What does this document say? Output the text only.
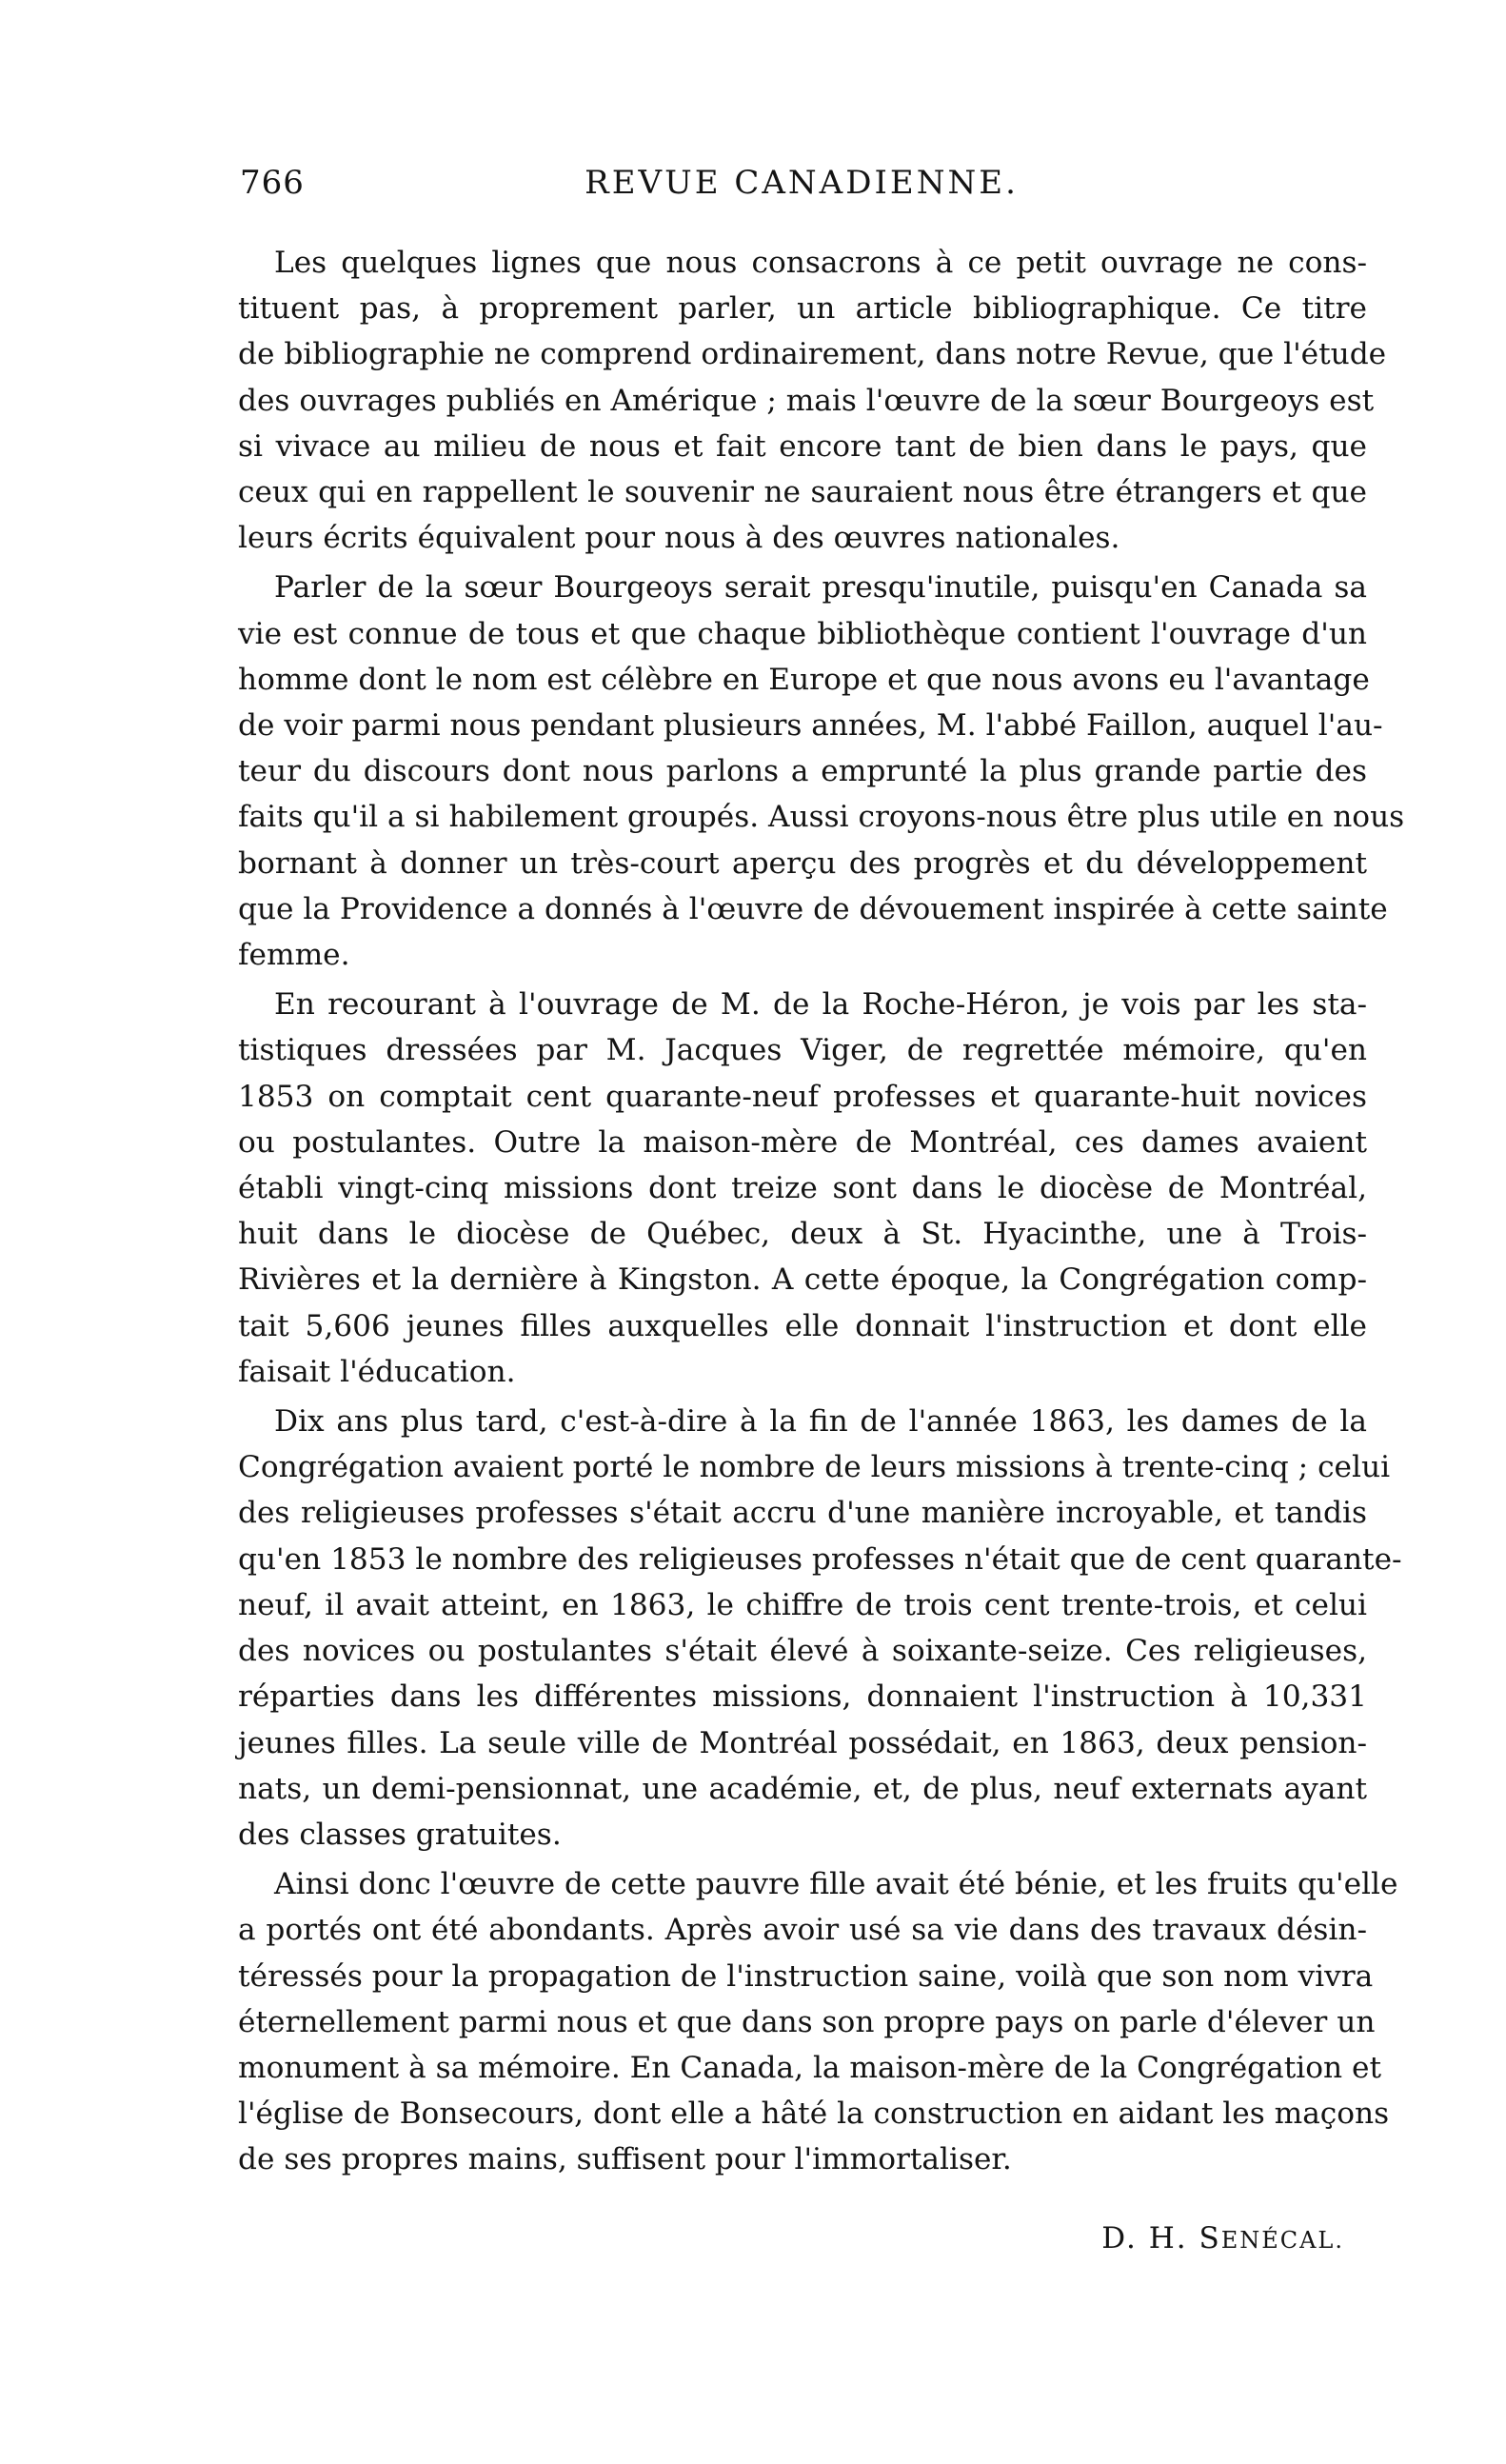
766	REVUE CANADIENNE.

Les quelques lignes que nous consacrons à ce petit ouvrage ne cons-
tituent pas, à proprement parler, un article bibliographique. Ce titre
de bibliographie ne comprend ordinairement, dans notre Revue, que l'étude
des ouvrages publiés en Amérique ; mais l'œuvre de la sœur Bourgeoys est
si vivace au milieu de nous et fait encore tant de bien dans le pays, que
ceux qui en rappellent le souvenir ne sauraient nous être étrangers et que
leurs écrits équivalent pour nous à des œuvres nationales.

Parler de la sœur Bourgeoys serait presqu'inutile, puisqu'en Canada sa
vie est connue de tous et que chaque bibliothèque contient l'ouvrage d'un
homme dont le nom est célèbre en Europe et que nous avons eu l'avantage
de voir parmi nous pendant plusieurs années, M. l'abbé Faillon, auquel l'au-
teur du discours dont nous parlons a emprunté la plus grande partie des
faits qu'il a si habilement groupés. Aussi croyons-nous être plus utile en nous
bornant à donner un très-court aperçu des progrès et du développement
que la Providence a donnés à l'œuvre de dévouement inspirée à cette sainte
femme.

En recourant à l'ouvrage de M. de la Roche-Héron, je vois par les sta-
tistiques dressées par M. Jacques Viger, de regrettée mémoire, qu'en
1853 on comptait cent quarante-neuf professes et quarante-huit novices
ou postulantes. Outre la maison-mère de Montréal, ces dames avaient
établi vingt-cinq missions dont treize sont dans le diocèse de Montréal,
huit dans le diocèse de Québec, deux à St. Hyacinthe, une à Trois-
Rivières et la dernière à Kingston. A cette époque, la Congrégation comp-
tait 5,606 jeunes filles auxquelles elle donnait l'instruction et dont elle
faisait l'éducation.

Dix ans plus tard, c'est-à-dire à la fin de l'année 1863, les dames de la
Congrégation avaient porté le nombre de leurs missions à trente-cinq ; celui
des religieuses professes s'était accru d'une manière incroyable, et tandis
qu'en 1853 le nombre des religieuses professes n'était que de cent quarante-
neuf, il avait atteint, en 1863, le chiffre de trois cent trente-trois, et celui
des novices ou postulantes s'était élevé à soixante-seize. Ces religieuses,
réparties dans les différentes missions, donnaient l'instruction à 10,331
jeunes filles. La seule ville de Montréal possédait, en 1863, deux pension-
nats, un demi-pensionnat, une académie, et, de plus, neuf externats ayant
des classes gratuites.

Ainsi donc l'œuvre de cette pauvre fille avait été bénie, et les fruits qu'elle
a portés ont été abondants. Après avoir usé sa vie dans des travaux désin-
téressés pour la propagation de l'instruction saine, voilà que son nom vivra
éternellement parmi nous et que dans son propre pays on parle d'élever un
monument à sa mémoire. En Canada, la maison-mère de la Congrégation et
l'église de Bonsecours, dont elle a hâté la construction en aidant les maçons
de ses propres mains, suffisent pour l'immortaliser.

D. H. SENÉCAL.
